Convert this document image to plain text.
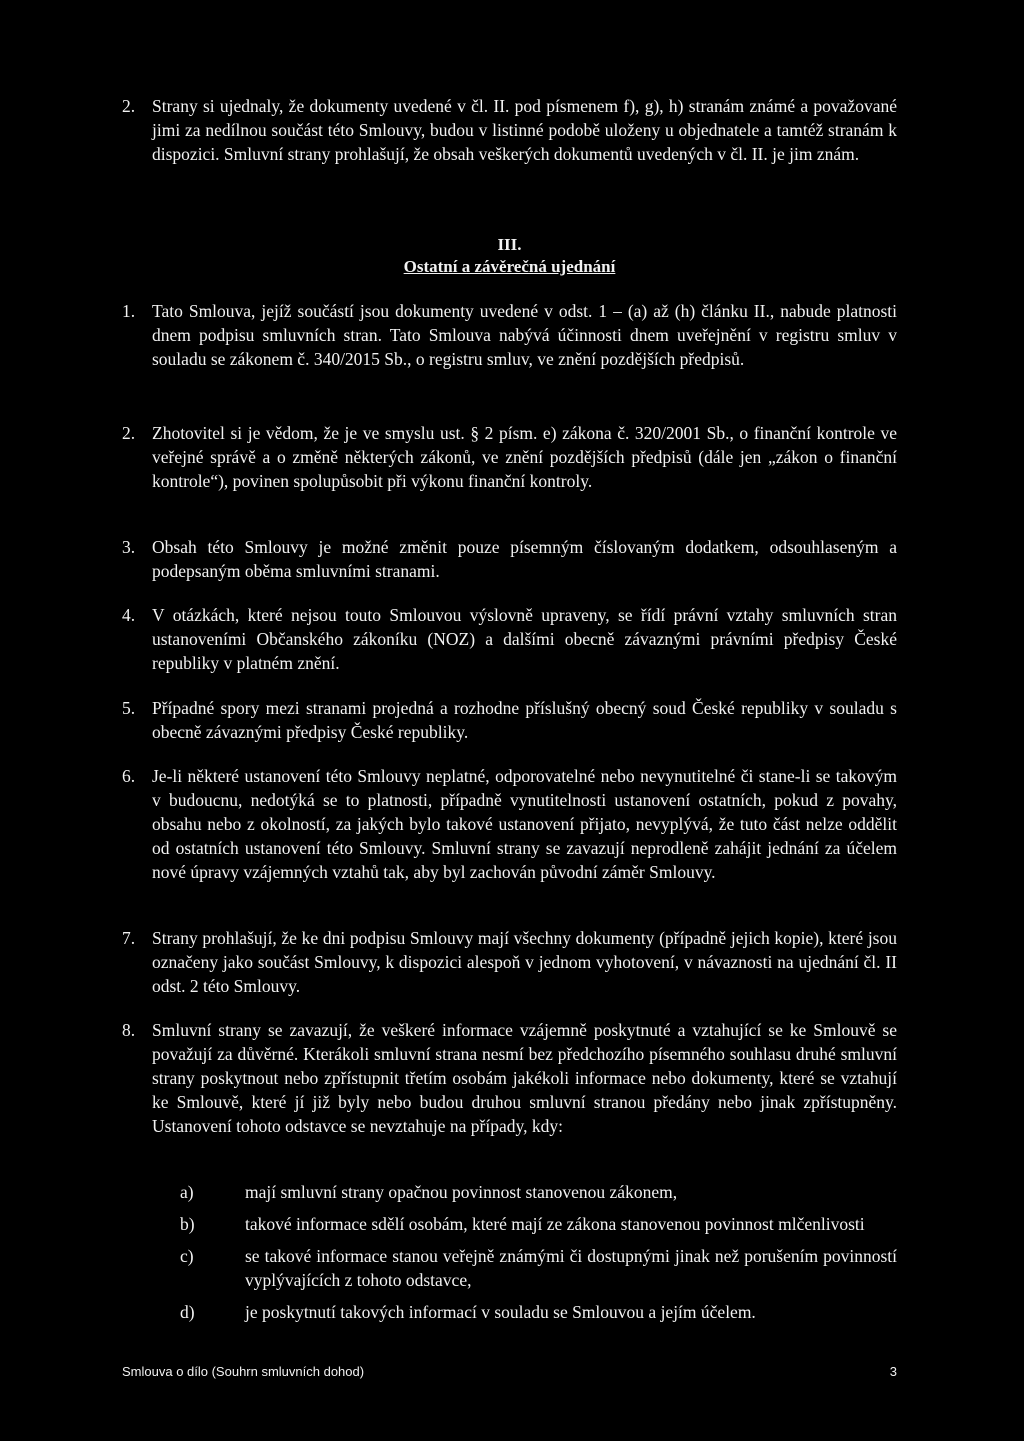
2. Strany si ujednaly, že dokumenty uvedené v čl. II. pod písmenem f), g), h) stranám známé a považované jimi za nedílnou součást této Smlouvy, budou v listinné podobě uloženy u objednatele a tamtéž stranám k dispozici. Smluvní strany prohlašují, že obsah veškerých dokumentů uvedených v čl. II. je jim znám.
III.
Ostatní a závěrečná ujednání
1. Tato Smlouva, jejíž součástí jsou dokumenty uvedené v odst. 1 – (a) až (h) článku II., nabude platnosti dnem podpisu smluvních stran. Tato Smlouva nabývá účinnosti dnem uveřejnění v registru smluv v souladu se zákonem č. 340/2015 Sb., o registru smluv, ve znění pozdějších předpisů.
2. Zhotovitel si je vědom, že je ve smyslu ust. § 2 písm. e) zákona č. 320/2001 Sb., o finanční kontrole ve veřejné správě a o změně některých zákonů, ve znění pozdějších předpisů (dále jen „zákon o finanční kontrole“), povinen spolupůsobit při výkonu finanční kontroly.
3. Obsah této Smlouvy je možné změnit pouze písemným číslovaným dodatkem, odsouhlaseným a podepsaným oběma smluvními stranami.
4. V otázkách, které nejsou touto Smlouvou výslovně upraveny, se řídí právní vztahy smluvních stran ustanoveními Občanského zákoníku (NOZ) a dalšími obecně závaznými právními předpisy České republiky v platném znění.
5. Případné spory mezi stranami projedná a rozhodne příslušný obecný soud České republiky v souladu s obecně závaznými předpisy České republiky.
6. Je-li některé ustanovení této Smlouvy neplatné, odporovatelné nebo nevynutitelné či stane-li se takovým v budoucnu, nedotýká se to platnosti, případně vynutitelnosti ustanovení ostatních, pokud z povahy, obsahu nebo z okolností, za jakých bylo takové ustanovení přijato, nevyplývá, že tuto část nelze oddělit od ostatních ustanovení této Smlouvy. Smluvní strany se zavazují neprodleně zahájit jednání za účelem nové úpravy vzájemných vztahů tak, aby byl zachován původní záměr Smlouvy.
7. Strany prohlašují, že ke dni podpisu Smlouvy mají všechny dokumenty (případně jejich kopie), které jsou označeny jako součást Smlouvy, k dispozici alespoň v jednom vyhotovení, v návaznosti na ujednání čl. II odst. 2 této Smlouvy.
8. Smluvní strany se zavazují, že veškeré informace vzájemně poskytnuté a vztahující se ke Smlouvě se považují za důvěrné. Kterákoli smluvní strana nesmí bez předchozího písemného souhlasu druhé smluvní strany poskytnout nebo zpřístupnit třetím osobám jakékoli informace nebo dokumenty, které se vztahují ke Smlouvě, které jí již byly nebo budou druhou smluvní stranou předány nebo jinak zpřístupněny. Ustanovení tohoto odstavce se nevztahuje na případy, kdy:
a)	mají smluvní strany opačnou povinnost stanovenou zákonem,
b)	takové informace sdělí osobám, které mají ze zákona stanovenou povinnost mlčenlivosti
c)	se takové informace stanou veřejně známými či dostupnými jinak než porušením povinností vyplývajících z tohoto odstavce,
d)	je poskytnutí takových informací v souladu se Smlouvou a jejím účelem.
Smlouva o dílo (Souhrn smluvních dohod)	3
